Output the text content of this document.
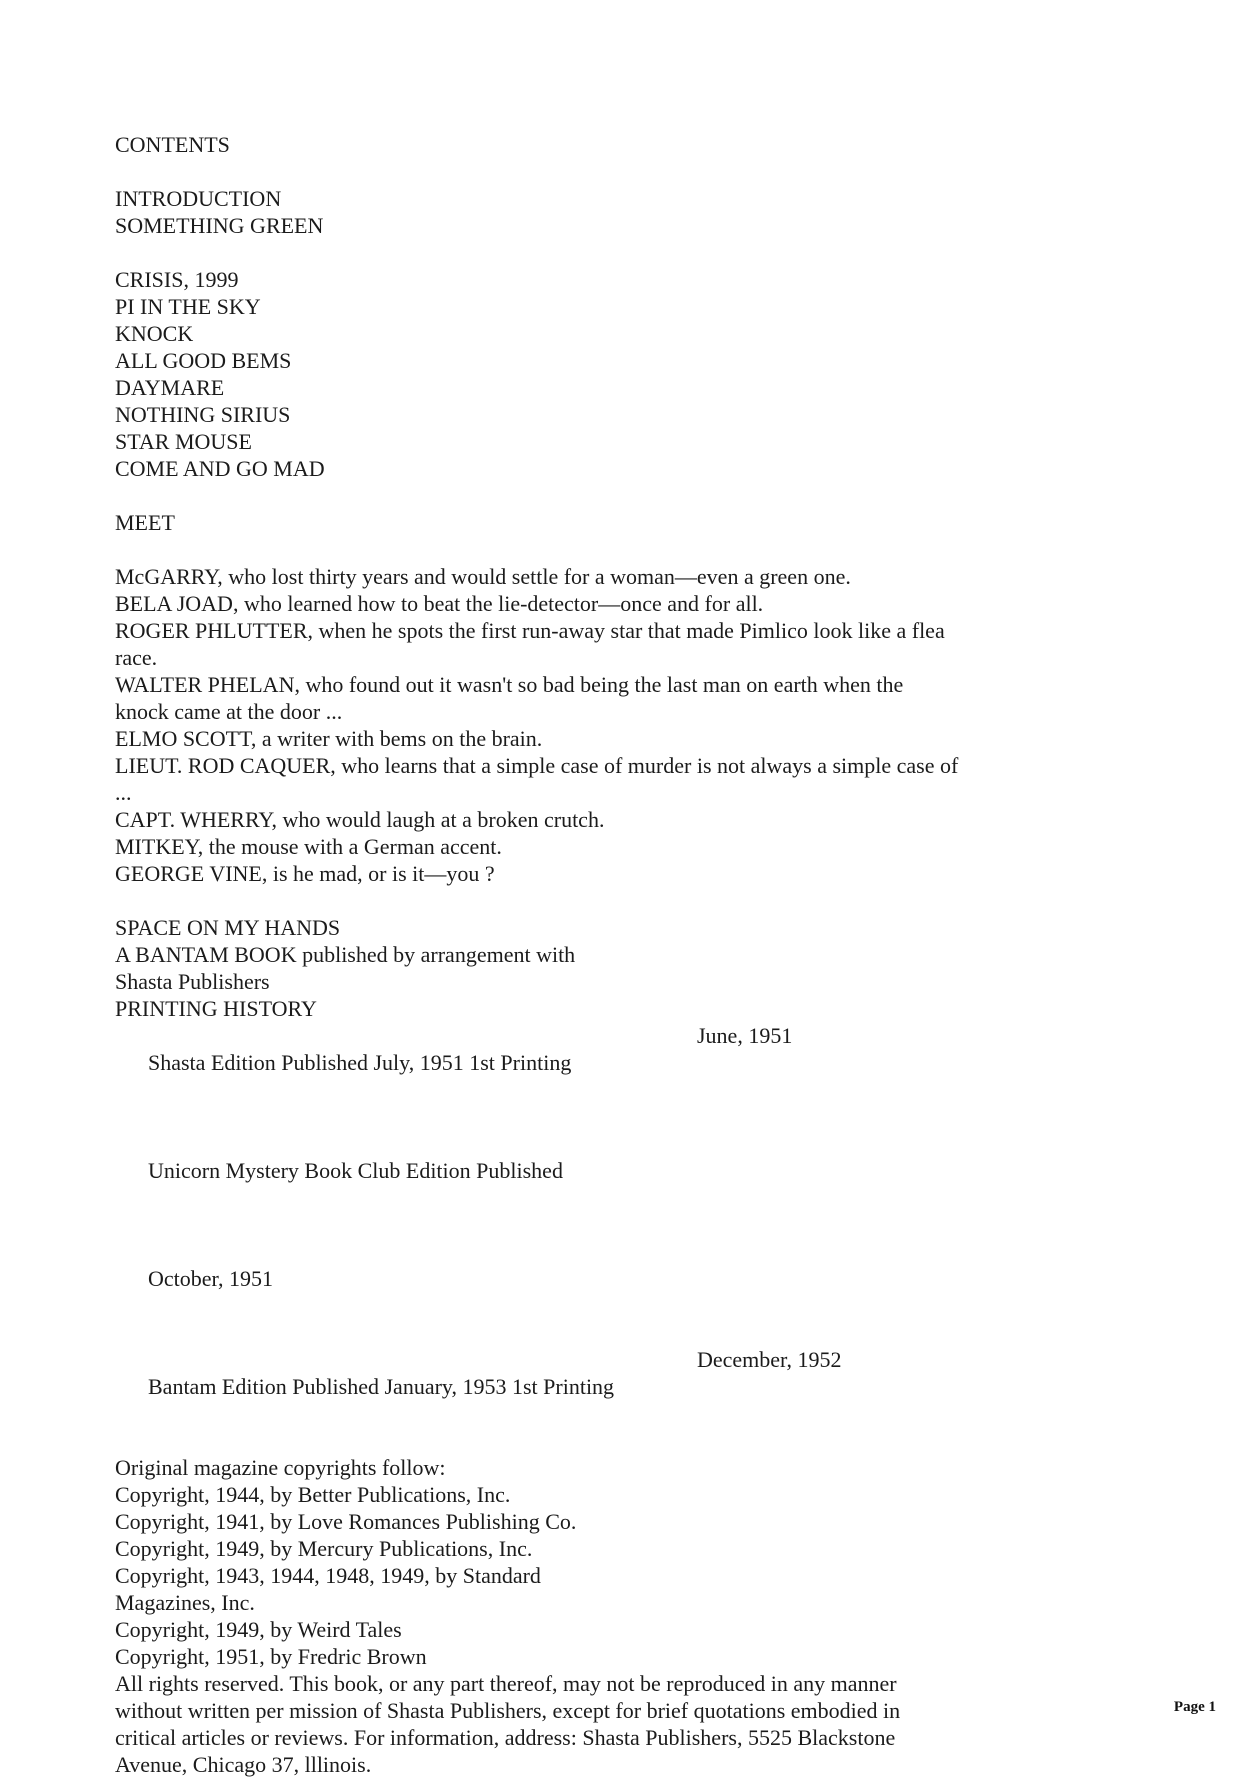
CONTENTS
INTRODUCTION
SOMETHING GREEN
CRISIS, 1999
PI IN THE SKY
KNOCK
ALL GOOD BEMS
DAYMARE
NOTHING SIRIUS
STAR MOUSE
COME AND GO MAD
MEET
McGARRY, who lost thirty years and would settle for a woman—even a green one.
BELA JOAD, who learned how to beat the lie-detector—once and for all.
ROGER PHLUTTER, when he spots the first run-away star that made Pimlico look like a flea
race.
WALTER PHELAN, who found out it wasn't so bad being the last man on earth when the
knock came at the door ...
ELMO SCOTT, a writer with bems on the brain.
LIEUT. ROD CAQUER, who learns that a simple case of murder is not always a simple case of
...
CAPT. WHERRY, who would laugh at a broken crutch.
MITKEY, the mouse with a German accent.
GEORGE VINE, is he mad, or is it—you ?
SPACE ON MY HANDS
A BANTAM BOOK published by arrangement with
Shasta Publishers
PRINTING HISTORY

Shasta Edition Published July, 1951 1st Printing

June, 1951

Unicorn Mystery Book Club Edition Published

October, 1951

Bantam Edition Published January, 1953 1st Printing

December, 1952

Original magazine copyrights follow:
Copyright, 1944, by Better Publications, Inc.
Copyright, 1941, by Love Romances Publishing Co.
Copyright, 1949, by Mercury Publications, Inc.
Copyright, 1943, 1944, 1948, 1949, by Standard
Magazines, Inc.
Copyright, 1949, by Weird Tales
Copyright, 1951, by Fredric Brown
All rights reserved. This book, or any part thereof, may not be reproduced in any manner
without written per mission of Shasta Publishers, except for brief quotations embodied in
critical articles or reviews. For information, address: Shasta Publishers, 5525 Blackstone
Avenue, Chicago 37, lllinois.
Page 1
